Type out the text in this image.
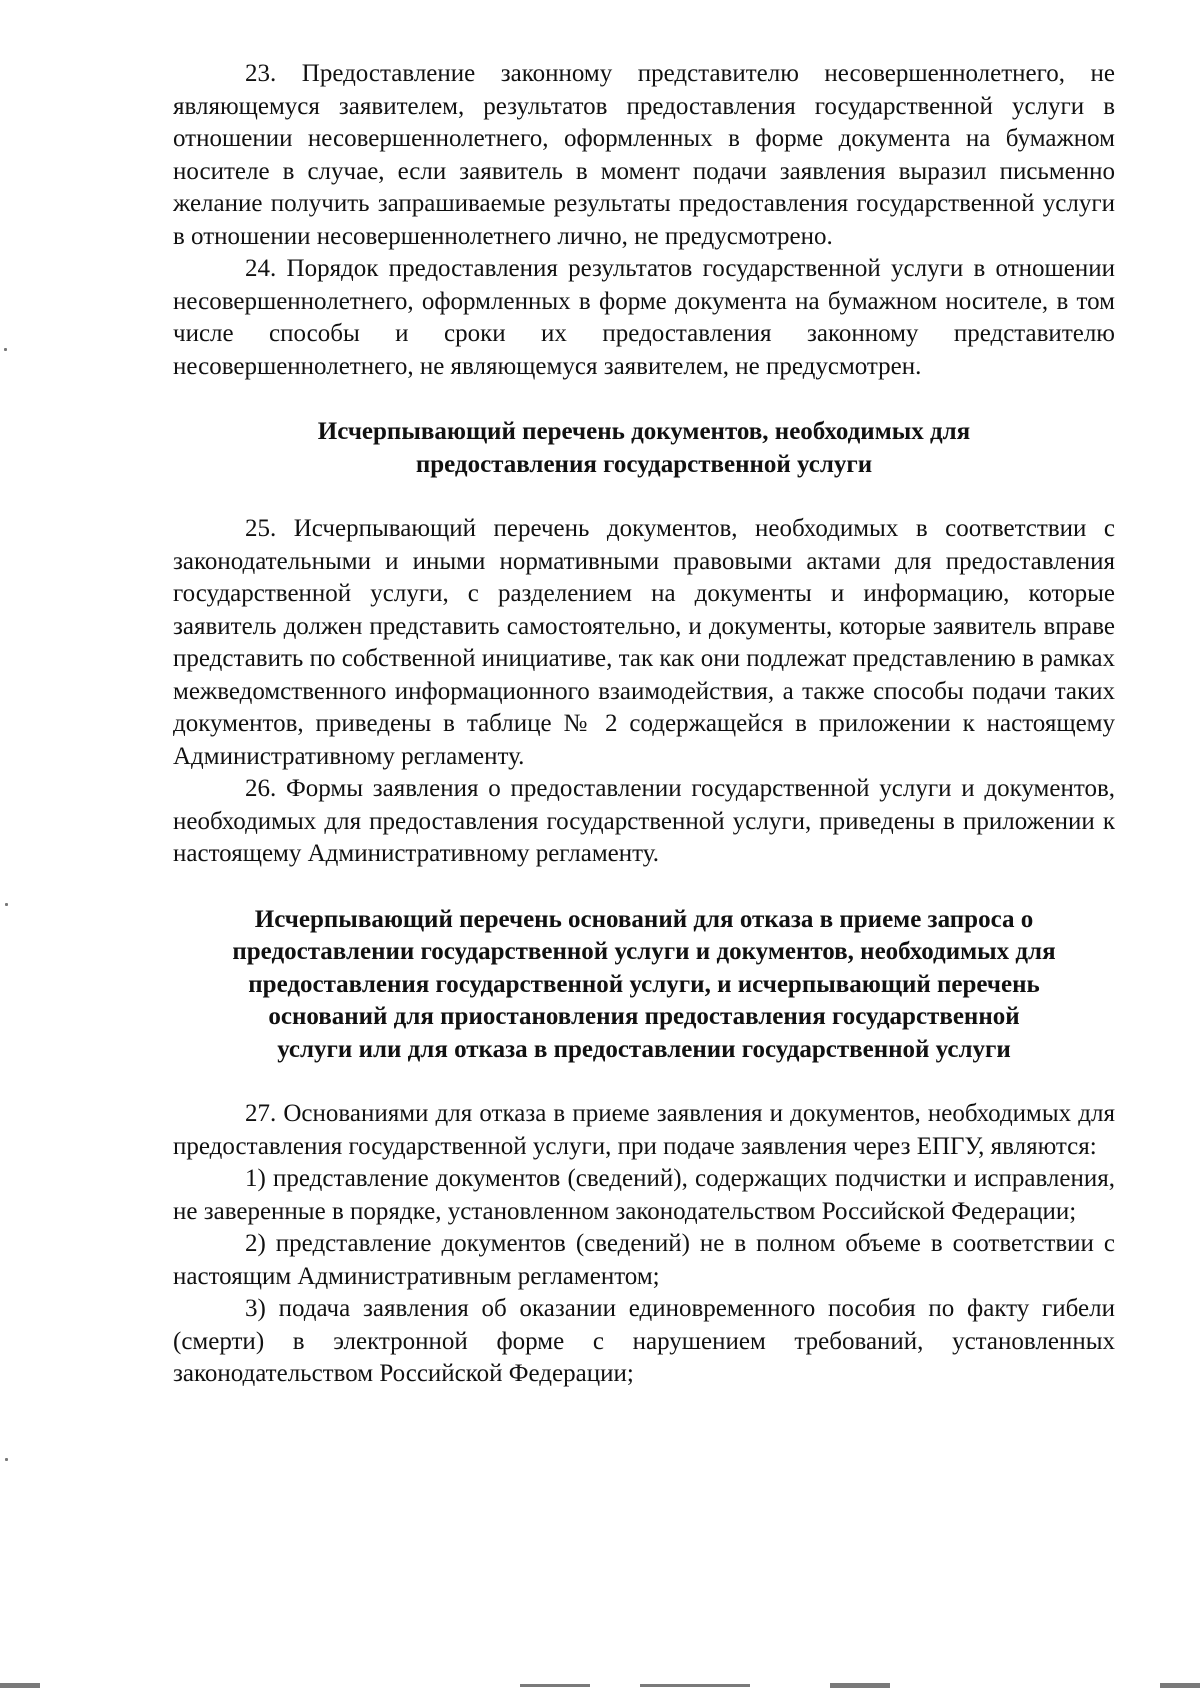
23. Предоставление законному представителю несовершеннолетнего, не являющемуся заявителем, результатов предоставления государственной услуги в отношении несовершеннолетнего, оформленных в форме документа на бумажном носителе в случае, если заявитель в момент подачи заявления выразил письменно желание получить запрашиваемые результаты предоставления государственной услуги в отношении несовершеннолетнего лично, не предусмотрено.

24. Порядок предоставления результатов государственной услуги в отношении несовершеннолетнего, оформленных в форме документа на бумажном носителе, в том числе способы и сроки их предоставления законному представителю несовершеннолетнего, не являющемуся заявителем, не предусмотрен.

Исчерпывающий перечень документов, необходимых для
предоставления государственной услуги

25. Исчерпывающий перечень документов, необходимых в соответствии с законодательными и иными нормативными правовыми актами для предоставления государственной услуги, с разделением на документы и информацию, которые заявитель должен представить самостоятельно, и документы, которые заявитель вправе представить по собственной инициативе, так как они подлежат представлению в рамках межведомственного информационного взаимодействия, а также способы подачи таких документов, приведены в таблице № 2 содержащейся в приложении к настоящему Административному регламенту.

26. Формы заявления о предоставлении государственной услуги и документов, необходимых для предоставления государственной услуги, приведены в приложении к настоящему Административному регламенту.

Исчерпывающий перечень оснований для отказа в приеме запроса о
предоставлении государственной услуги и документов, необходимых для
предоставления государственной услуги, и исчерпывающий перечень
оснований для приостановления предоставления государственной
услуги или для отказа в предоставлении государственной услуги

27. Основаниями для отказа в приеме заявления и документов, необходимых для предоставления государственной услуги, при подаче заявления через ЕПГУ, являются:

1) представление документов (сведений), содержащих подчистки и исправления, не заверенные в порядке, установленном законодательством Российской Федерации;

2) представление документов (сведений) не в полном объеме в соответствии с настоящим Административным регламентом;

3) подача заявления об оказании единовременного пособия по факту гибели (смерти) в электронной форме с нарушением требований, установленных законодательством Российской Федерации;
